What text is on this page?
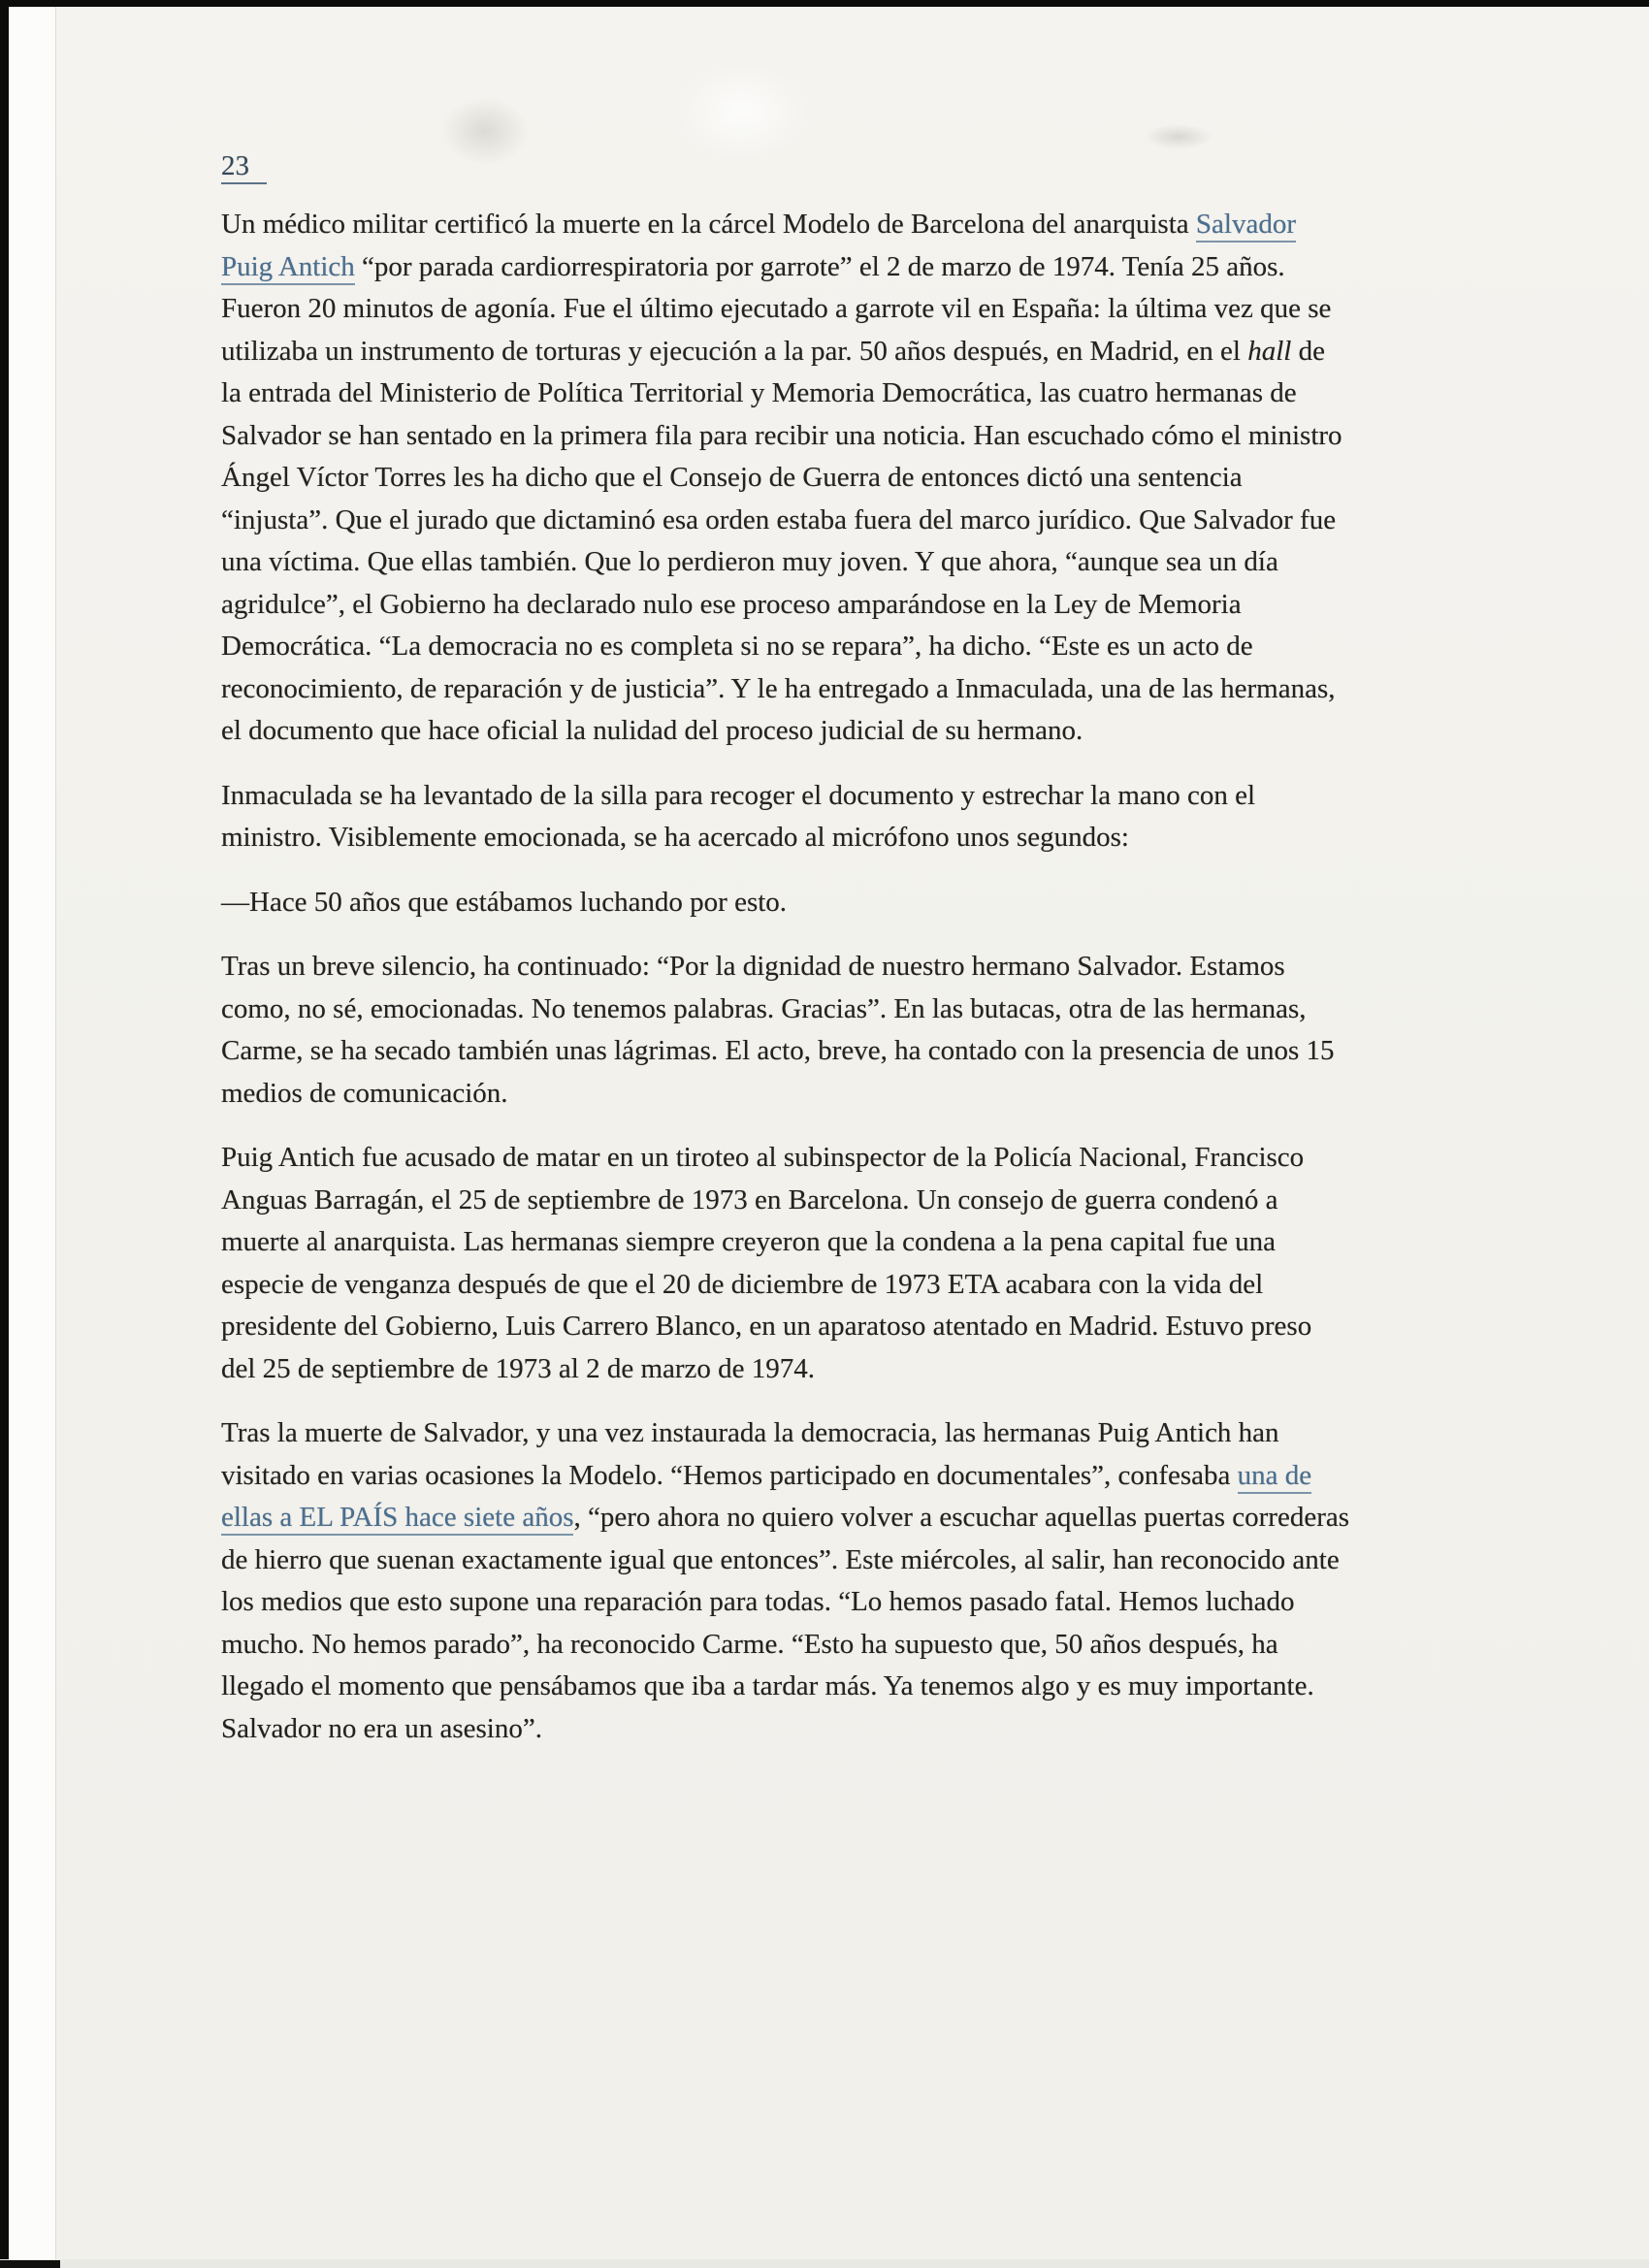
23
Un médico militar certificó la muerte en la cárcel Modelo de Barcelona del anarquista Salvador
Puig Antich “por parada cardiorrespiratoria por garrote” el 2 de marzo de 1974. Tenía 25 años.
Fueron 20 minutos de agonía. Fue el último ejecutado a garrote vil en España: la última vez que se
utilizaba un instrumento de torturas y ejecución a la par. 50 años después, en Madrid, en el hall de
la entrada del Ministerio de Política Territorial y Memoria Democrática, las cuatro hermanas de
Salvador se han sentado en la primera fila para recibir una noticia. Han escuchado cómo el ministro
Ángel Víctor Torres les ha dicho que el Consejo de Guerra de entonces dictó una sentencia
“injusta”. Que el jurado que dictaminó esa orden estaba fuera del marco jurídico. Que Salvador fue
una víctima. Que ellas también. Que lo perdieron muy joven. Y que ahora, “aunque sea un día
agridulce”, el Gobierno ha declarado nulo ese proceso amparándose en la Ley de Memoria
Democrática. “La democracia no es completa si no se repara”, ha dicho. “Este es un acto de
reconocimiento, de reparación y de justicia”. Y le ha entregado a Inmaculada, una de las hermanas,
el documento que hace oficial la nulidad del proceso judicial de su hermano.
Inmaculada se ha levantado de la silla para recoger el documento y estrechar la mano con el
ministro. Visiblemente emocionada, se ha acercado al micrófono unos segundos:
—Hace 50 años que estábamos luchando por esto.
Tras un breve silencio, ha continuado: “Por la dignidad de nuestro hermano Salvador. Estamos
como, no sé, emocionadas. No tenemos palabras. Gracias”. En las butacas, otra de las hermanas,
Carme, se ha secado también unas lágrimas. El acto, breve, ha contado con la presencia de unos 15
medios de comunicación.
Puig Antich fue acusado de matar en un tiroteo al subinspector de la Policía Nacional, Francisco
Anguas Barragán, el 25 de septiembre de 1973 en Barcelona. Un consejo de guerra condenó a
muerte al anarquista. Las hermanas siempre creyeron que la condena a la pena capital fue una
especie de venganza después de que el 20 de diciembre de 1973 ETA acabara con la vida del
presidente del Gobierno, Luis Carrero Blanco, en un aparatoso atentado en Madrid. Estuvo preso
del 25 de septiembre de 1973 al 2 de marzo de 1974.
Tras la muerte de Salvador, y una vez instaurada la democracia, las hermanas Puig Antich han
visitado en varias ocasiones la Modelo. “Hemos participado en documentales”, confesaba una de
ellas a EL PAÍS hace siete años, “pero ahora no quiero volver a escuchar aquellas puertas correderas
de hierro que suenan exactamente igual que entonces”. Este miércoles, al salir, han reconocido ante
los medios que esto supone una reparación para todas. “Lo hemos pasado fatal. Hemos luchado
mucho. No hemos parado”, ha reconocido Carme. “Esto ha supuesto que, 50 años después, ha
llegado el momento que pensábamos que iba a tardar más. Ya tenemos algo y es muy importante.
Salvador no era un asesino”.
